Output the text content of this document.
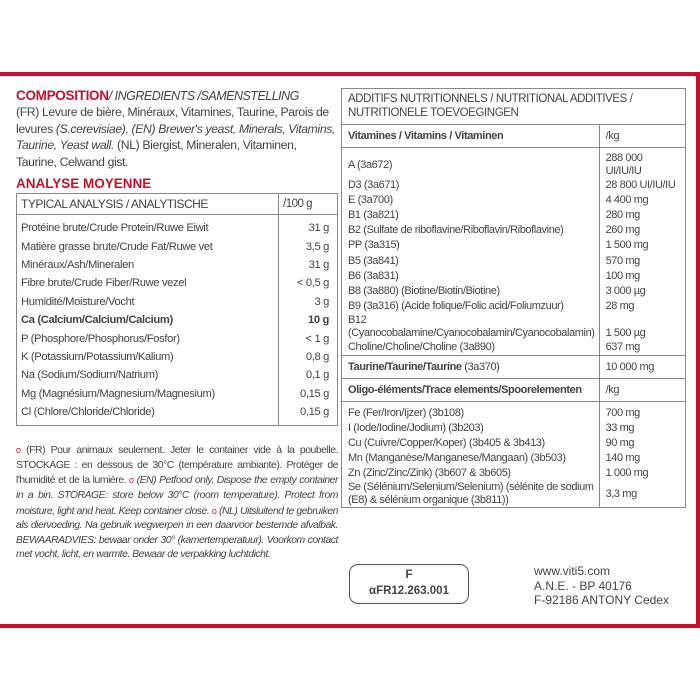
COMPOSITION/ INGREDIENTS /SAMENSTELLING
(FR) Levure de bière, Minéraux, Vitamines, Taurine, Parois de levures (S.cerevisiae). (EN) Brewer's yeast, Minerals, Vitamins, Taurine, Yeast wall. (NL) Biergist, Mineralen, Vitaminen, Taurine, Celwand gist.
ANALYSE MOYENNE
TYPICAL ANALYSIS / ANALYTISCHE	/100 g
Protéine brute/Crude Protein/Ruwe Eiwit	31 g
Matière grasse brute/Crude Fat/Ruwe vet	3,5 g
Minéraux/Ash/Mineralen	31 g
Fibre brute/Crude Fiber/Ruwe vezel	< 0,5 g
Humidité/Moisture/Vocht	3 g
Ca (Calcium/Calcium/Calcium)	10 g
P (Phosphore/Phosphorus/Fosfor)	< 1 g
K (Potassium/Potassium/Kalium)	0,8 g
Na (Sodium/Sodium/Natrium)	0,1 g
Mg (Magnésium/Magnesium/Magnesium)	0,15 g
Cl (Chlore/Chloride/Chloride)	0,15 g
o (FR) Pour animaux seulement. Jeter le container vide à la poubelle. STOCKAGE : en dessous de 30°C (température ambiante). Protéger de l'humidité et de la lumière. o (EN) Petfood only. Dispose the empty container in a bin. STORAGE: store below 30°C (room temperature). Protect from moisture, light and heat. Keep container close. o (NL) Uitsluitend te gebruiken als diervoeding. Na gebruik wegwerpen in een daarvoor bestemde afvalbak. BEWAARADVIES: bewaar onder 30° (kamertemperatuur). Voorkom contact met vocht, licht, en warmte. Bewaar de verpakking luchtdicht.
ADDITIFS NUTRITIONNELS / NUTRITIONAL ADDITIVES /
NUTRITIONELE TOEVOEGINGEN
Vitamines / Vitamins / Vitaminen	/kg
A (3a672)	288 000 UI/IU/IU
D3 (3a671)	28 800 UI/IU/IU
E (3a700)	4 400 mg
B1 (3a821)	280 mg
B2 (Sulfate de riboflavine/Riboflavin/Riboflavine)	260 mg
PP (3a315)	1 500 mg
B5 (3a841)	570 mg
B6 (3a831)	100 mg
B8 (3a880) (Biotine/Biotin/Biotine)	3 000 µg
B9 (3a316) (Acide folique/Folic acid/Foliumzuur)	28 mg
B12 (Cyanocobalamine/Cyanocobalamin/Cyanocobalamin)	1 500 µg
Choline/Choline/Choline (3a890)	637 mg
Taurine/Taurine/Taurine (3a370)	10 000 mg
Oligo-éléments/Trace elements/Spoorelementen	/kg
Fe (Fer/Iron/Ijzer) (3b108)	700 mg
I (Iode/Iodine/Jodium) (3b203)	33 mg
Cu (Cuivre/Copper/Koper) (3b405 & 3b413)	90 mg
Mn (Manganèse/Manganese/Mangaan) (3b503)	140 mg
Zn (Zinc/Zinc/Zink) (3b607 & 3b605)	1 000 mg
Se (Sélénium/Selenium/Selenium) (sélénite de sodium (E8) & sélénium organique (3b811))	3,3 mg
F
αFR12.263.001
www.viti5.com
A.N.E. - BP 40176
F-92186 ANTONY Cedex
